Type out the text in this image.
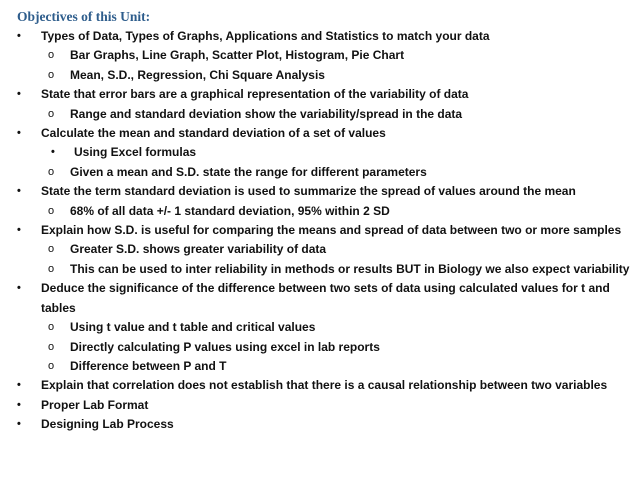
Objectives of this Unit:
•	Types of Data, Types of Graphs, Applications and Statistics to match your data
o Bar Graphs, Line Graph, Scatter Plot, Histogram, Pie Chart
o Mean, S.D., Regression, Chi Square Analysis
•	State that error bars are a graphical representation of the variability of data
o Range and standard deviation show the variability/spread in the data
•	Calculate the mean and standard deviation of a set of values
• Using Excel formulas
o Given a mean and S.D. state the range for different parameters
•	State the term standard deviation is used to summarize the spread of values around the mean
o 68% of all data +/- 1 standard deviation, 95% within 2 SD
•	Explain how S.D. is useful for comparing the means and spread of data between two or more samples
o Greater S.D. shows greater variability of data
o This can be used to inter reliability in methods or results BUT in Biology we also expect variability
•	Deduce the significance of the difference between two sets of data using calculated values for t and tables
o Using t value and t table and critical values
o Directly calculating P values using excel in lab reports
o Difference between P and T
•	Explain that correlation does not establish that there is a causal relationship between two variables
•	Proper Lab Format
•	Designing Lab Process
